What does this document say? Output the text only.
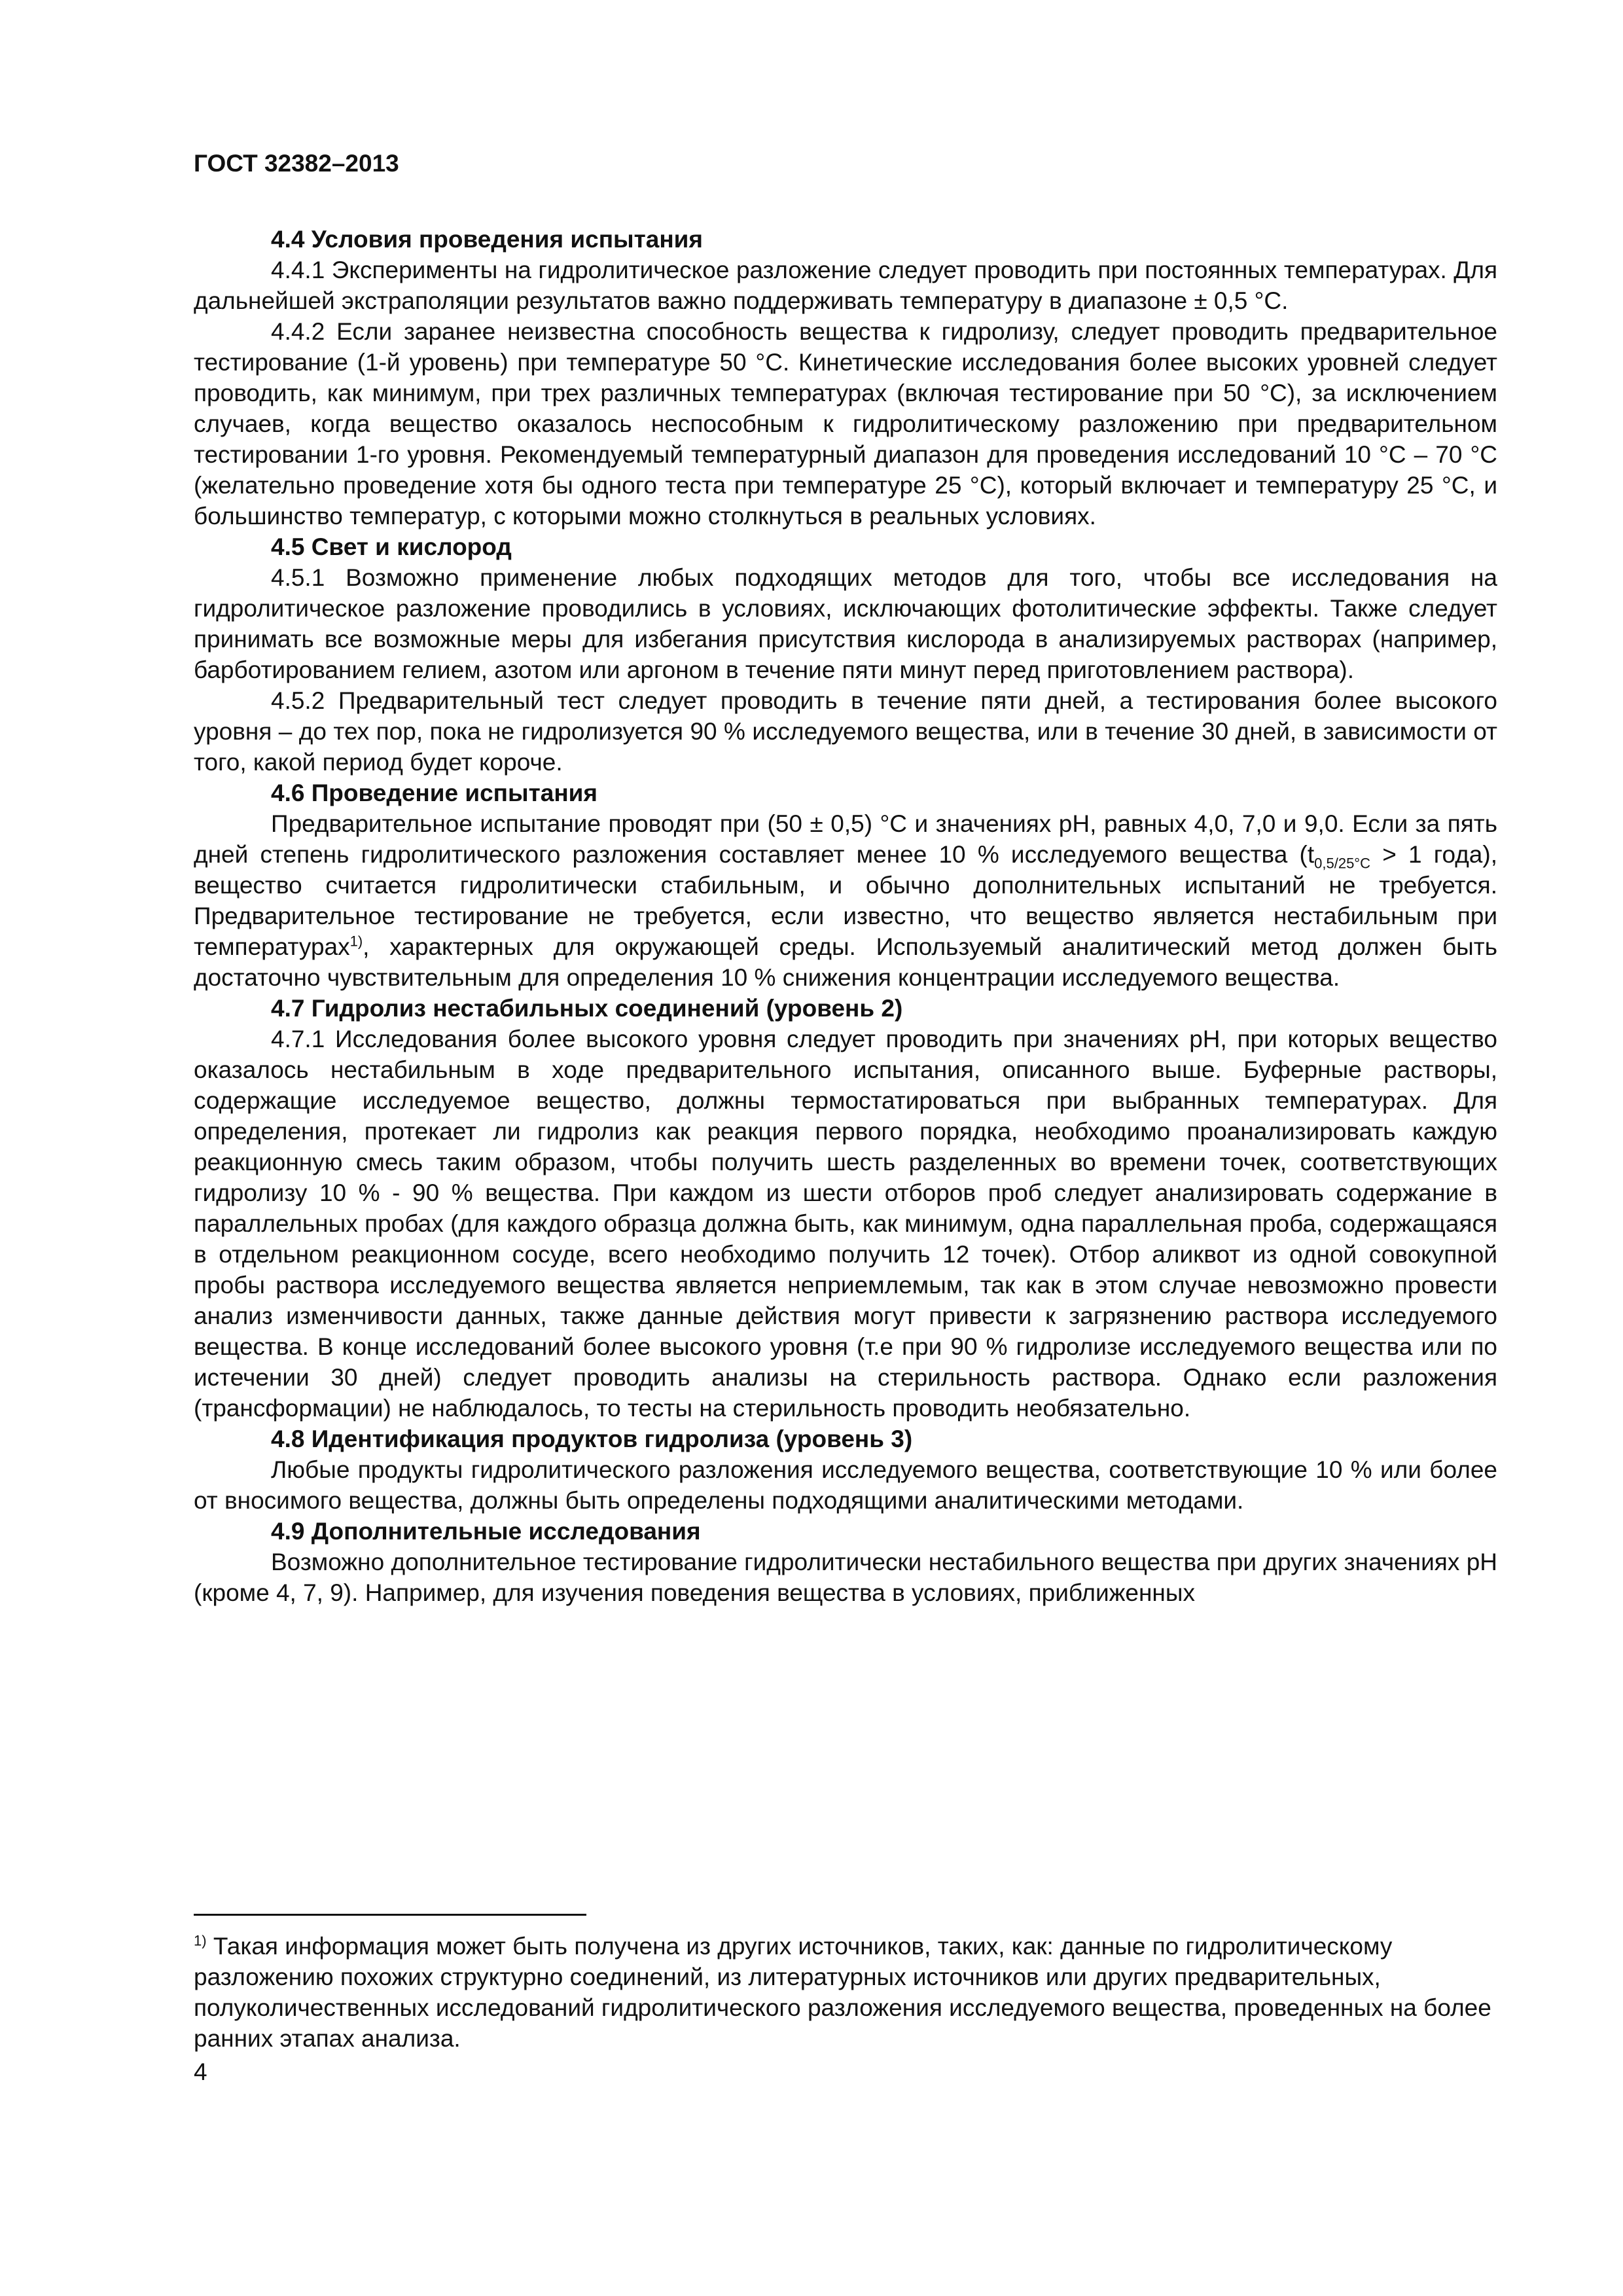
ГОСТ 32382–2013
4.4 Условия проведения испытания

4.4.1 Эксперименты на гидролитическое разложение следует проводить при постоянных температурах. Для дальнейшей экстраполяции результатов важно поддерживать температуру в диапазоне ± 0,5 °С.

4.4.2 Если заранее неизвестна способность вещества к гидролизу, следует проводить предварительное тестирование (1-й уровень) при температуре 50 °С. Кинетические исследования более высоких уровней следует проводить, как минимум, при трех различных температурах (включая тестирование при 50 °С), за исключением случаев, когда вещество оказалось неспособным к гидролитическому разложению при предварительном тестировании 1-го уровня. Рекомендуемый температурный диапазон для проведения исследований 10 °С – 70 °С (желательно проведение хотя бы одного теста при температуре 25 °С), который включает и температуру 25 °С, и большинство температур, с которыми можно столкнуться в реальных условиях.

4.5 Свет и кислород

4.5.1 Возможно применение любых подходящих методов для того, чтобы все исследования на гидролитическое разложение проводились в условиях, исключающих фотолитические эффекты. Также следует принимать все возможные меры для избегания присутствия кислорода в анализируемых растворах (например, барботированием гелием, азотом или аргоном в течение пяти минут перед приготовлением раствора).

4.5.2 Предварительный тест следует проводить в течение пяти дней, а тестирования более высокого уровня – до тех пор, пока не гидролизуется 90 % исследуемого вещества, или в течение 30 дней, в зависимости от того, какой период будет короче.

4.6 Проведение испытания

Предварительное испытание проводят при (50 ± 0,5) °С и значениях рН, равных 4,0, 7,0 и 9,0. Если за пять дней степень гидролитического разложения составляет менее 10 % исследуемого вещества ($t_{0,5/25^\circ С} > 1$ года), вещество считается гидролитически стабильным, и обычно дополнительных испытаний не требуется. Предварительное тестирование не требуется, если известно, что вещество является нестабильным при температурах$^{1)}$, характерных для окружающей среды. Используемый аналитический метод должен быть достаточно чувствительным для определения 10 % снижения концентрации исследуемого вещества.

4.7 Гидролиз нестабильных соединений (уровень 2)

4.7.1 Исследования более высокого уровня следует проводить при значениях рН, при которых вещество оказалось нестабильным в ходе предварительного испытания, описанного выше. Буферные растворы, содержащие исследуемое вещество, должны термостатироваться при выбранных температурах. Для определения, протекает ли гидролиз как реакция первого порядка, необходимо проанализировать каждую реакционную смесь таким образом, чтобы получить шесть разделенных во времени точек, соответствующих гидролизу 10 % - 90 % вещества. При каждом из шести отборов проб следует анализировать содержание в параллельных пробах (для каждого образца должна быть, как минимум, одна параллельная проба, содержащаяся в отдельном реакционном сосуде, всего необходимо получить 12 точек). Отбор аликвот из одной совокупной пробы раствора исследуемого вещества является неприемлемым, так как в этом случае невозможно провести анализ изменчивости данных, также данные действия могут привести к загрязнению раствора исследуемого вещества. В конце исследований более высокого уровня (т.е при 90 % гидролизе исследуемого вещества или по истечении 30 дней) следует проводить анализы на стерильность раствора. Однако если разложения (трансформации) не наблюдалось, то тесты на стерильность проводить необязательно.

4.8 Идентификация продуктов гидролиза (уровень 3)

Любые продукты гидролитического разложения исследуемого вещества, соответствующие 10 % или более от вносимого вещества, должны быть определены подходящими аналитическими методами.

4.9 Дополнительные исследования

Возможно дополнительное тестирование гидролитически нестабильного вещества при других значениях рН (кроме 4, 7, 9). Например, для изучения поведения вещества в условиях, приближенных

$^{1)}$ Такая информация может быть получена из других источников, таких, как: данные по гидролитическому разложению похожих структурно соединений, из литературных источников или других предварительных, полуколичественных исследований гидролитического разложения исследуемого вещества, проведенных на более ранних этапах анализа.
4
